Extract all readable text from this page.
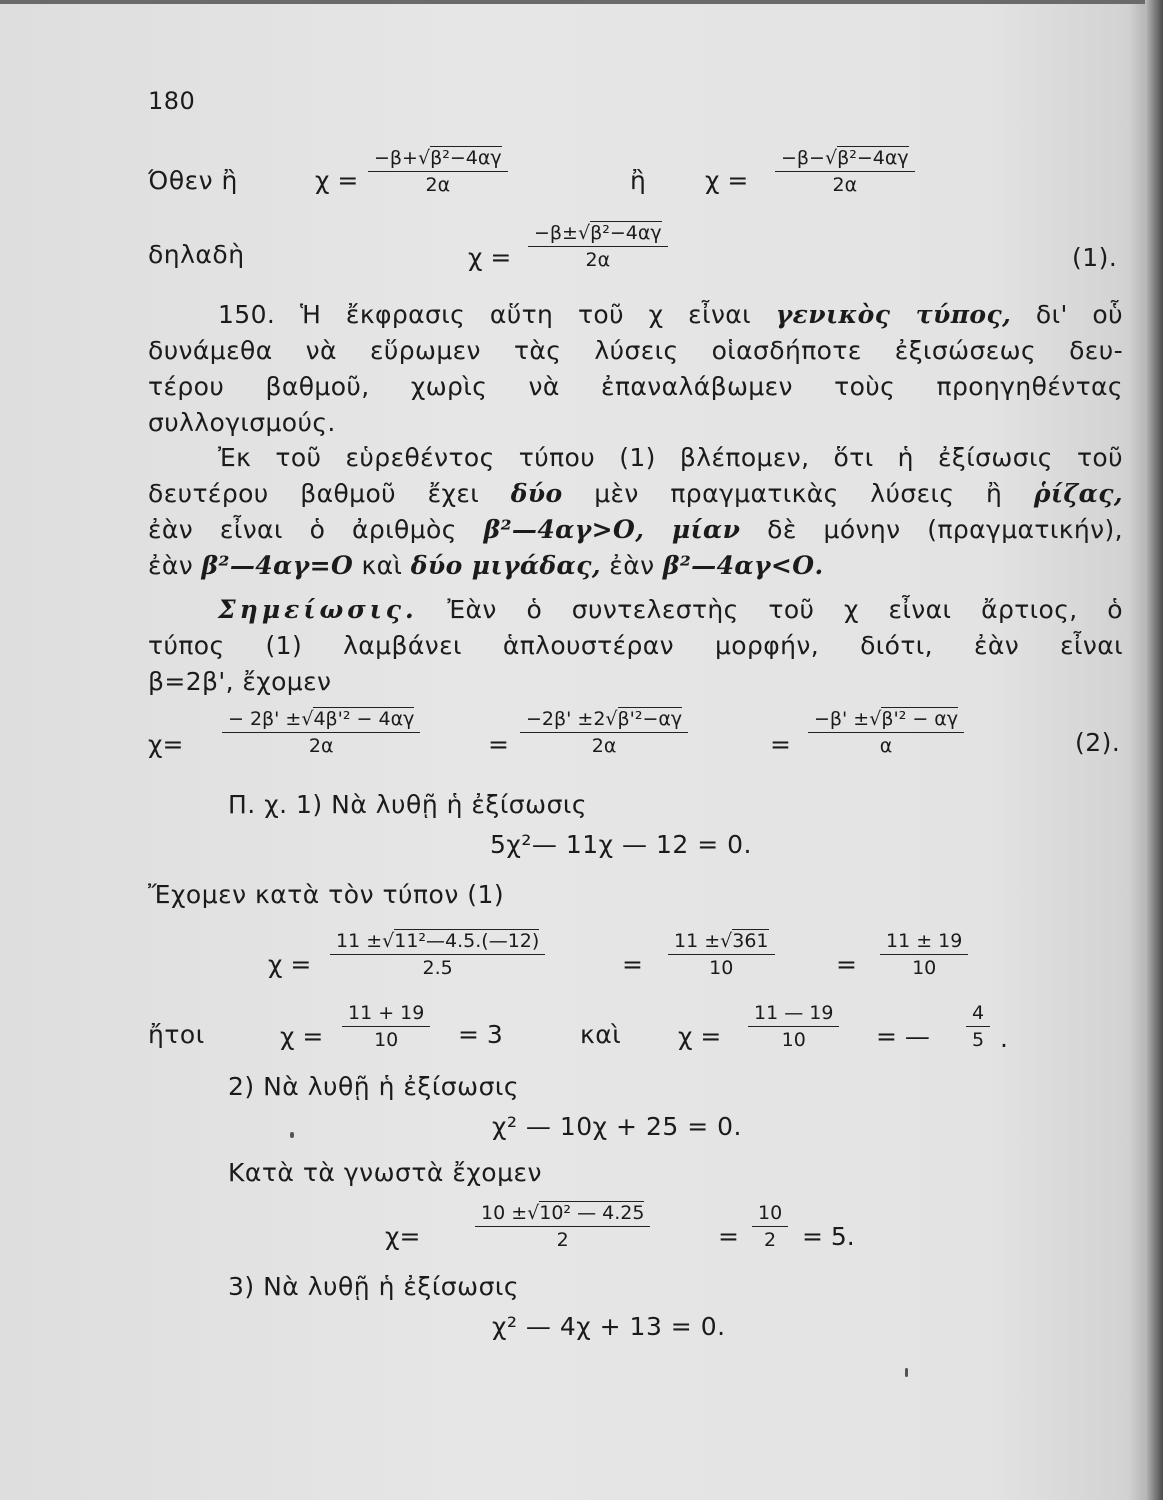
180
Όθεν ἢ	$\chi = \frac{\text{−β+√β²−4αγ}}{2\alpha}$	ἢ $\chi = \frac{\text{−β−√β²−4αγ}}{2\alpha}$
δηλαδὴ	$\chi = \frac{\text{−β±√β²−4αγ}}{2\alpha}$	(1).
150. Ἡ ἔκφρασις αὕτη τοῦ χ εἶναι γενικὸς τύπος, δι' οὗ
δυνάμεθα νὰ εὕρωμεν τὰς λύσεις οἱασδήποτε ἐξισώσεως δευ-
τέρου βαθμοῦ, χωρὶς νὰ ἐπαναλάβωμεν τοὺς προηγηθέντας
συλλογισμούς.
Ἐκ τοῦ εὑρεθέντος τύπου (1) βλέπομεν, ὅτι ἡ ἐξίσωσις τοῦ
δευτέρου βαθμοῦ ἔχει δύο μὲν πραγματικὰς λύσεις ἢ ῥίζας,
ἐὰν εἶναι ὁ ἀριθμὸς β²—4αγ>Ο, μίαν δὲ μόνην (πραγματικήν),
ἐὰν β²—4αγ=Ο καὶ δύο μιγάδας, ἐὰν β²—4αγ<Ο.
Σημείωσις. Ἐὰν ὁ συντελεστὴς τοῦ χ εἶναι ἄρτιος, ὁ
τύπος (1) λαμβάνει ἁπλουστέραν μορφήν, διότι, ἐὰν εἶναι
β=2β', ἔχομεν
$\chi= \frac{\text{− 2β' ±√4β'² − 4αγ}}{2\alpha}$	= $\frac{\text{−2β' ±2√β'²−αγ}}{2\alpha}$	= $\frac{\text{−β' ±√β'² − αγ}}{\alpha}$	(2).
Π. χ. 1) Νὰ λυθῇ ἡ ἐξίσωσις
5χ²— 11χ — 12 = 0.
Ἔχομεν κατὰ τὸν τύπον (1)
$\chi = \frac{\text{11 ±√11²—4.5.(—12)}}{2.5}$	= $\frac{11 \pm√361}{10} = \frac{11 \pm 19}{10}$
ἤτοι	$\chi = \frac{11 + 19}{10} = 3$	καὶ $\chi = \frac{11 — 19}{10}$ = — $\frac{4}{5}$ .
2) Νὰ λυθῇ ἡ ἐξίσωσις
χ² — 10χ + 25 = 0.
Κατὰ τὰ γνωστὰ ἔχομεν
χ=	$\frac{\text{10 ±√10² — 4.25}}{2}$	= $\frac{10}{2} = 5$.
3) Νὰ λυθῇ ἡ ἐξίσωσις
χ² — 4χ + 13 = 0.
